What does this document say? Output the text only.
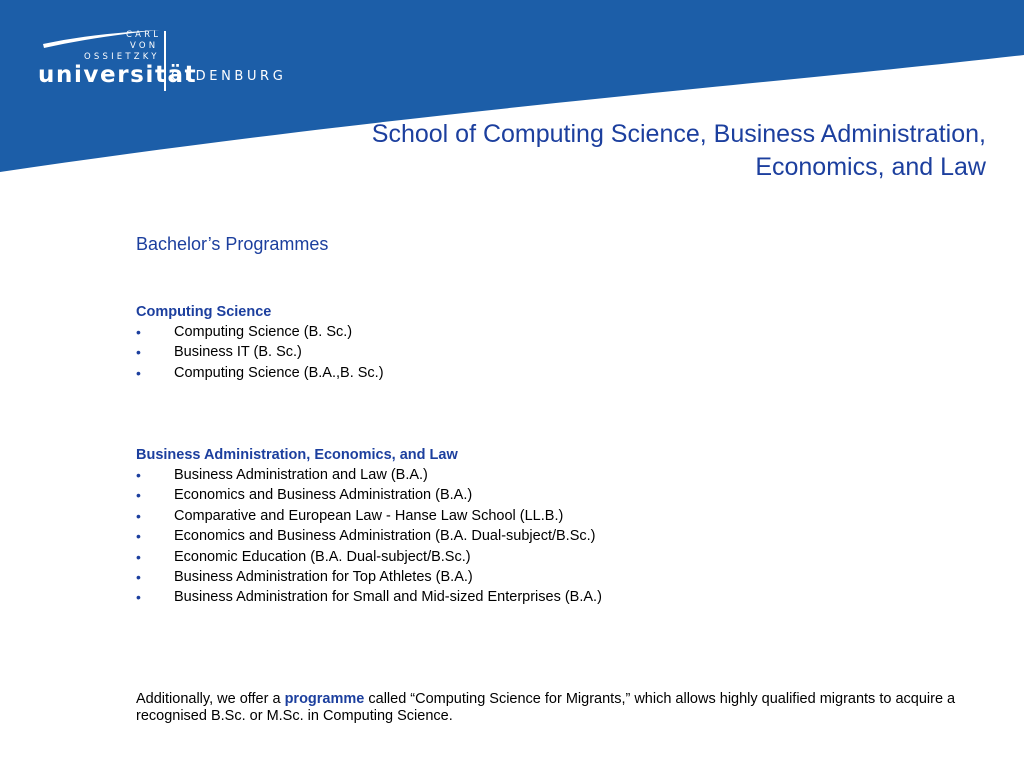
CARL
VON
OSSIETZKY
universität
OLDENBURG
School of Computing Science, Business Administration,
Economics, and Law
Bachelor’s Programmes
Computing Science
• Computing Science (B. Sc.)
• Business IT (B. Sc.)
• Computing Science (B.A.,B. Sc.)
Business Administration, Economics, and Law
• Business Administration and Law (B.A.)
• Economics and Business Administration (B.A.)
• Comparative and European Law - Hanse Law School (LL.B.)
• Economics and Business Administration (B.A. Dual-subject/B.Sc.)
• Economic Education (B.A. Dual-subject/B.Sc.)
• Business Administration for Top Athletes (B.A.)
• Business Administration for Small and Mid-sized Enterprises (B.A.)

Additionally, we offer a programme called “Computing Science for Migrants,” which allows highly qualified migrants to acquire a recognised B.Sc. or M.Sc. in Computing Science.
